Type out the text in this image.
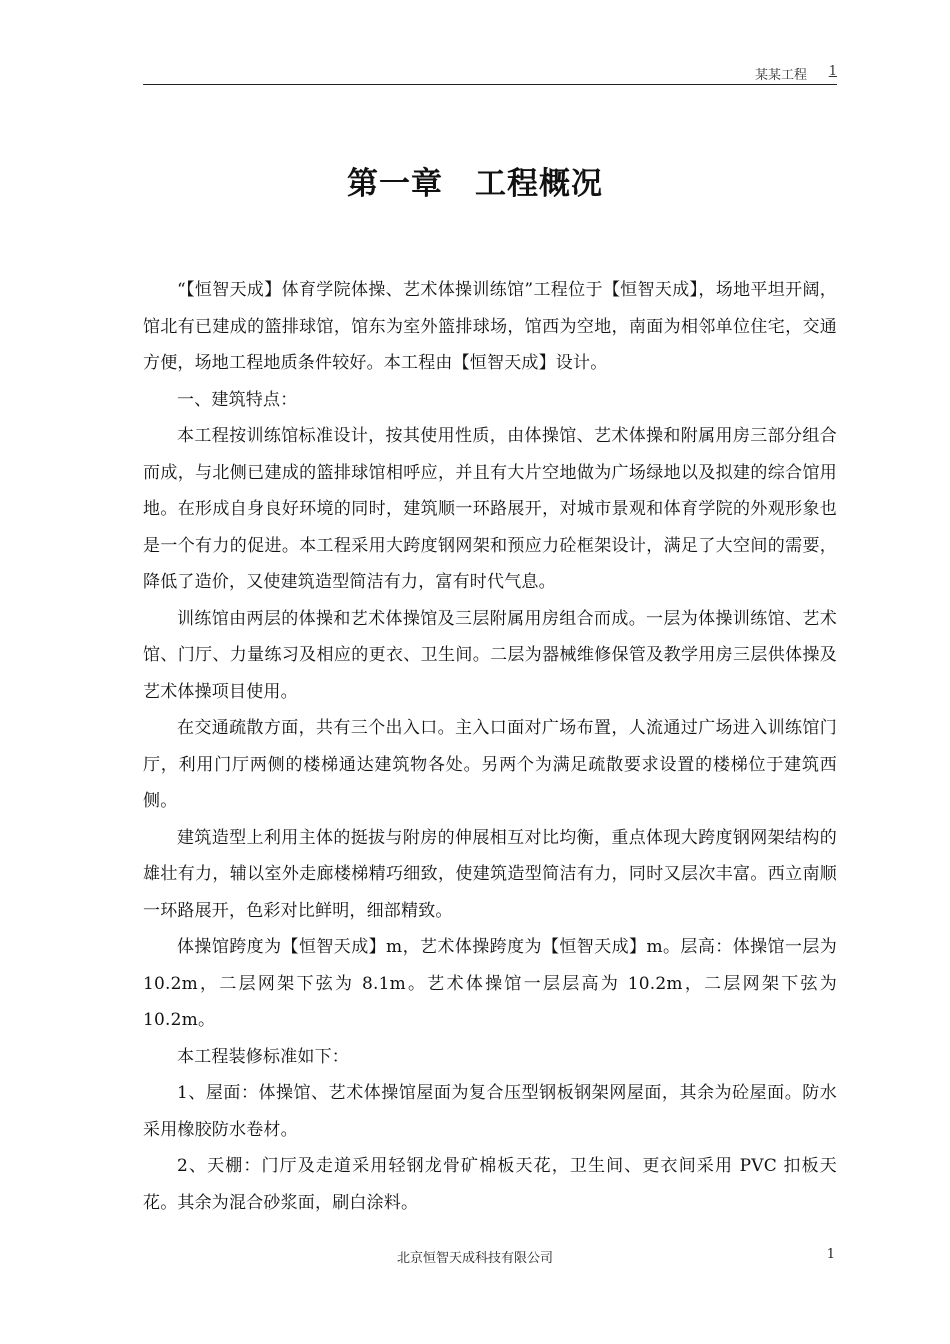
某某工程 1
第一章　工程概况

“【恒智天成】体育学院体操、艺术体操训练馆”工程位于【恒智天成】，场地平坦开阔，馆北有已建成的篮排球馆，馆东为室外篮排球场，馆西为空地，南面为相邻单位住宅，交通方便，场地工程地质条件较好。本工程由【恒智天成】设计。

一、建筑特点：

本工程按训练馆标准设计，按其使用性质，由体操馆、艺术体操和附属用房三部分组合而成，与北侧已建成的篮排球馆相呼应，并且有大片空地做为广场绿地以及拟建的综合馆用地。在形成自身良好环境的同时，建筑顺一环路展开，对城市景观和体育学院的外观形象也是一个有力的促进。本工程采用大跨度钢网架和预应力砼框架设计，满足了大空间的需要，降低了造价，又使建筑造型简洁有力，富有时代气息。

训练馆由两层的体操和艺术体操馆及三层附属用房组合而成。一层为体操训练馆、艺术馆、门厅、力量练习及相应的更衣、卫生间。二层为器械维修保管及教学用房三层供体操及艺术体操项目使用。

在交通疏散方面，共有三个出入口。主入口面对广场布置，人流通过广场进入训练馆门厅，利用门厅两侧的楼梯通达建筑物各处。另两个为满足疏散要求设置的楼梯位于建筑西侧。

建筑造型上利用主体的挺拔与附房的伸展相互对比均衡，重点体现大跨度钢网架结构的雄壮有力，辅以室外走廊楼梯精巧细致，使建筑造型简洁有力，同时又层次丰富。西立南顺一环路展开，色彩对比鲜明，细部精致。

体操馆跨度为【恒智天成】m，艺术体操跨度为【恒智天成】m。层高：体操馆一层为 10.2m，二层网架下弦为 8.1m。艺术体操馆一层层高为 10.2m，二层网架下弦为 10.2m。

本工程装修标准如下：

1、屋面：体操馆、艺术体操馆屋面为复合压型钢板钢架网屋面，其余为砼屋面。防水采用橡胶防水卷材。

2、天棚：门厅及走道采用轻钢龙骨矿棉板天花，卫生间、更衣间采用 PVC 扣板天花。其余为混合砂浆面，刷白涂料。

北京恒智天成科技有限公司	1
